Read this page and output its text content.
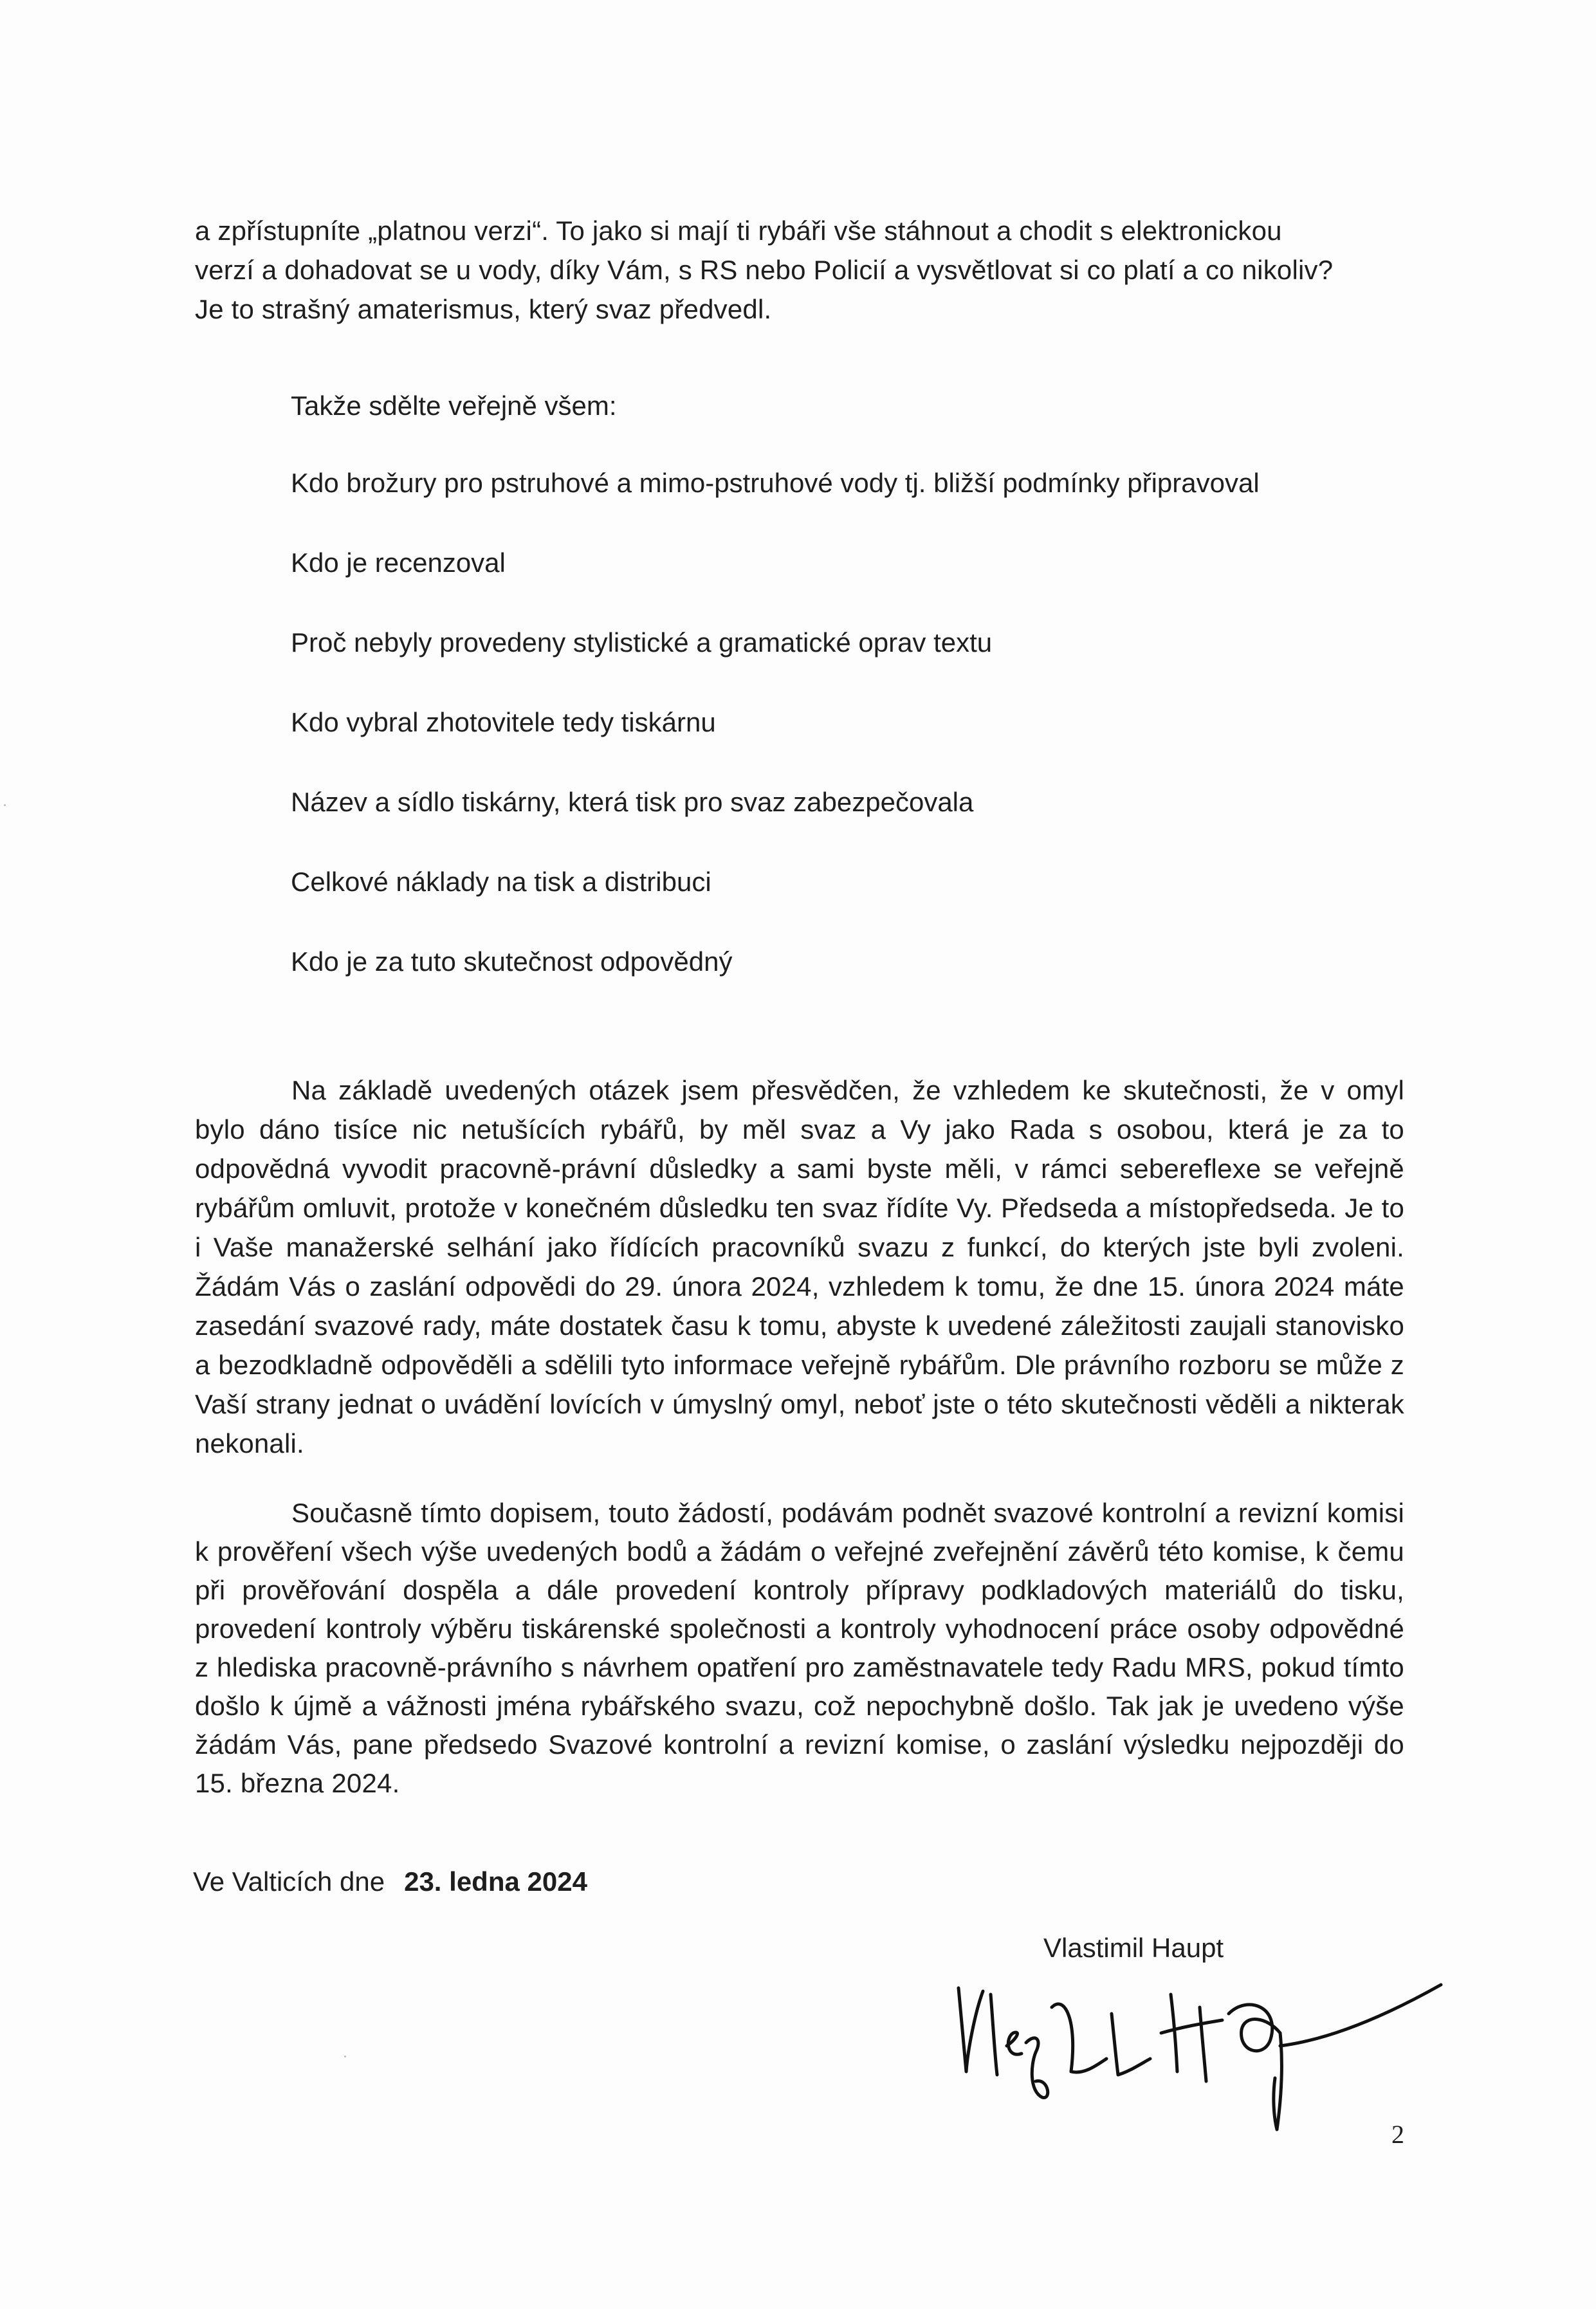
a zpřístupníte „platnou verzi“. To jako si mají ti rybáři vše stáhnout a chodit s elektronickou

verzí a dohadovat se u vody, díky Vám, s RS nebo Policií a vysvětlovat si co platí a co nikoliv?

Je to strašný amaterismus, který svaz předvedl.

Takže sdělte veřejně všem:
Kdo brožury pro pstruhové a mimo-pstruhové vody tj. bližší podmínky připravoval
Kdo je recenzoval
Proč nebyly provedeny stylistické a gramatické oprav textu
Kdo vybral zhotovitele tedy tiskárnu
Název a sídlo tiskárny, která tisk pro svaz zabezpečovala
Celkové náklady na tisk a distribuci
Kdo je za tuto skutečnost odpovědný

Na základě uvedených otázek jsem přesvědčen, že vzhledem ke skutečnosti, že v omyl bylo dáno tisíce nic netušících rybářů, by měl svaz a Vy jako Rada s osobou, která je za to odpovědná vyvodit pracovně-právní důsledky a sami byste měli, v rámci sebereflexe se veřejně rybářům omluvit, protože v konečném důsledku ten svaz řídíte Vy. Předseda a místopředseda. Je to i Vaše manažerské selhání jako řídících pracovníků svazu z funkcí, do kterých jste byli zvoleni. Žádám Vás o zaslání odpovědi do 29. února 2024, vzhledem k tomu, že dne 15. února 2024 máte zasedání svazové rady, máte dostatek času k tomu, abyste k uvedené záležitosti zaujali stanovisko a bezodkladně odpověděli a sdělili tyto informace veřejně rybářům. Dle právního rozboru se může z Vaší strany jednat o uvádění lovících v úmyslný omyl, neboť jste o této skutečnosti věděli a nikterak nekonali.

Současně tímto dopisem, touto žádostí, podávám podnět svazové kontrolní a revizní komisi k prověření všech výše uvedených bodů a žádám o veřejné zveřejnění závěrů této komise, k čemu při prověřování dospěla a dále provedení kontroly přípravy podkladových materiálů do tisku, provedení kontroly výběru tiskárenské společnosti a kontroly vyhodnocení práce osoby odpovědné z hlediska pracovně-právního s návrhem opatření pro zaměstnavatele tedy Radu MRS, pokud tímto došlo k újmě a vážnosti jména rybářského svazu, což nepochybně došlo. Tak jak je uvedeno výše žádám Vás, pane předsedo Svazové kontrolní a revizní komise, o zaslání výsledku nejpozději do 15. března 2024.

Ve Valticích dne 23. ledna 2024
Vlastimil Haupt
2
